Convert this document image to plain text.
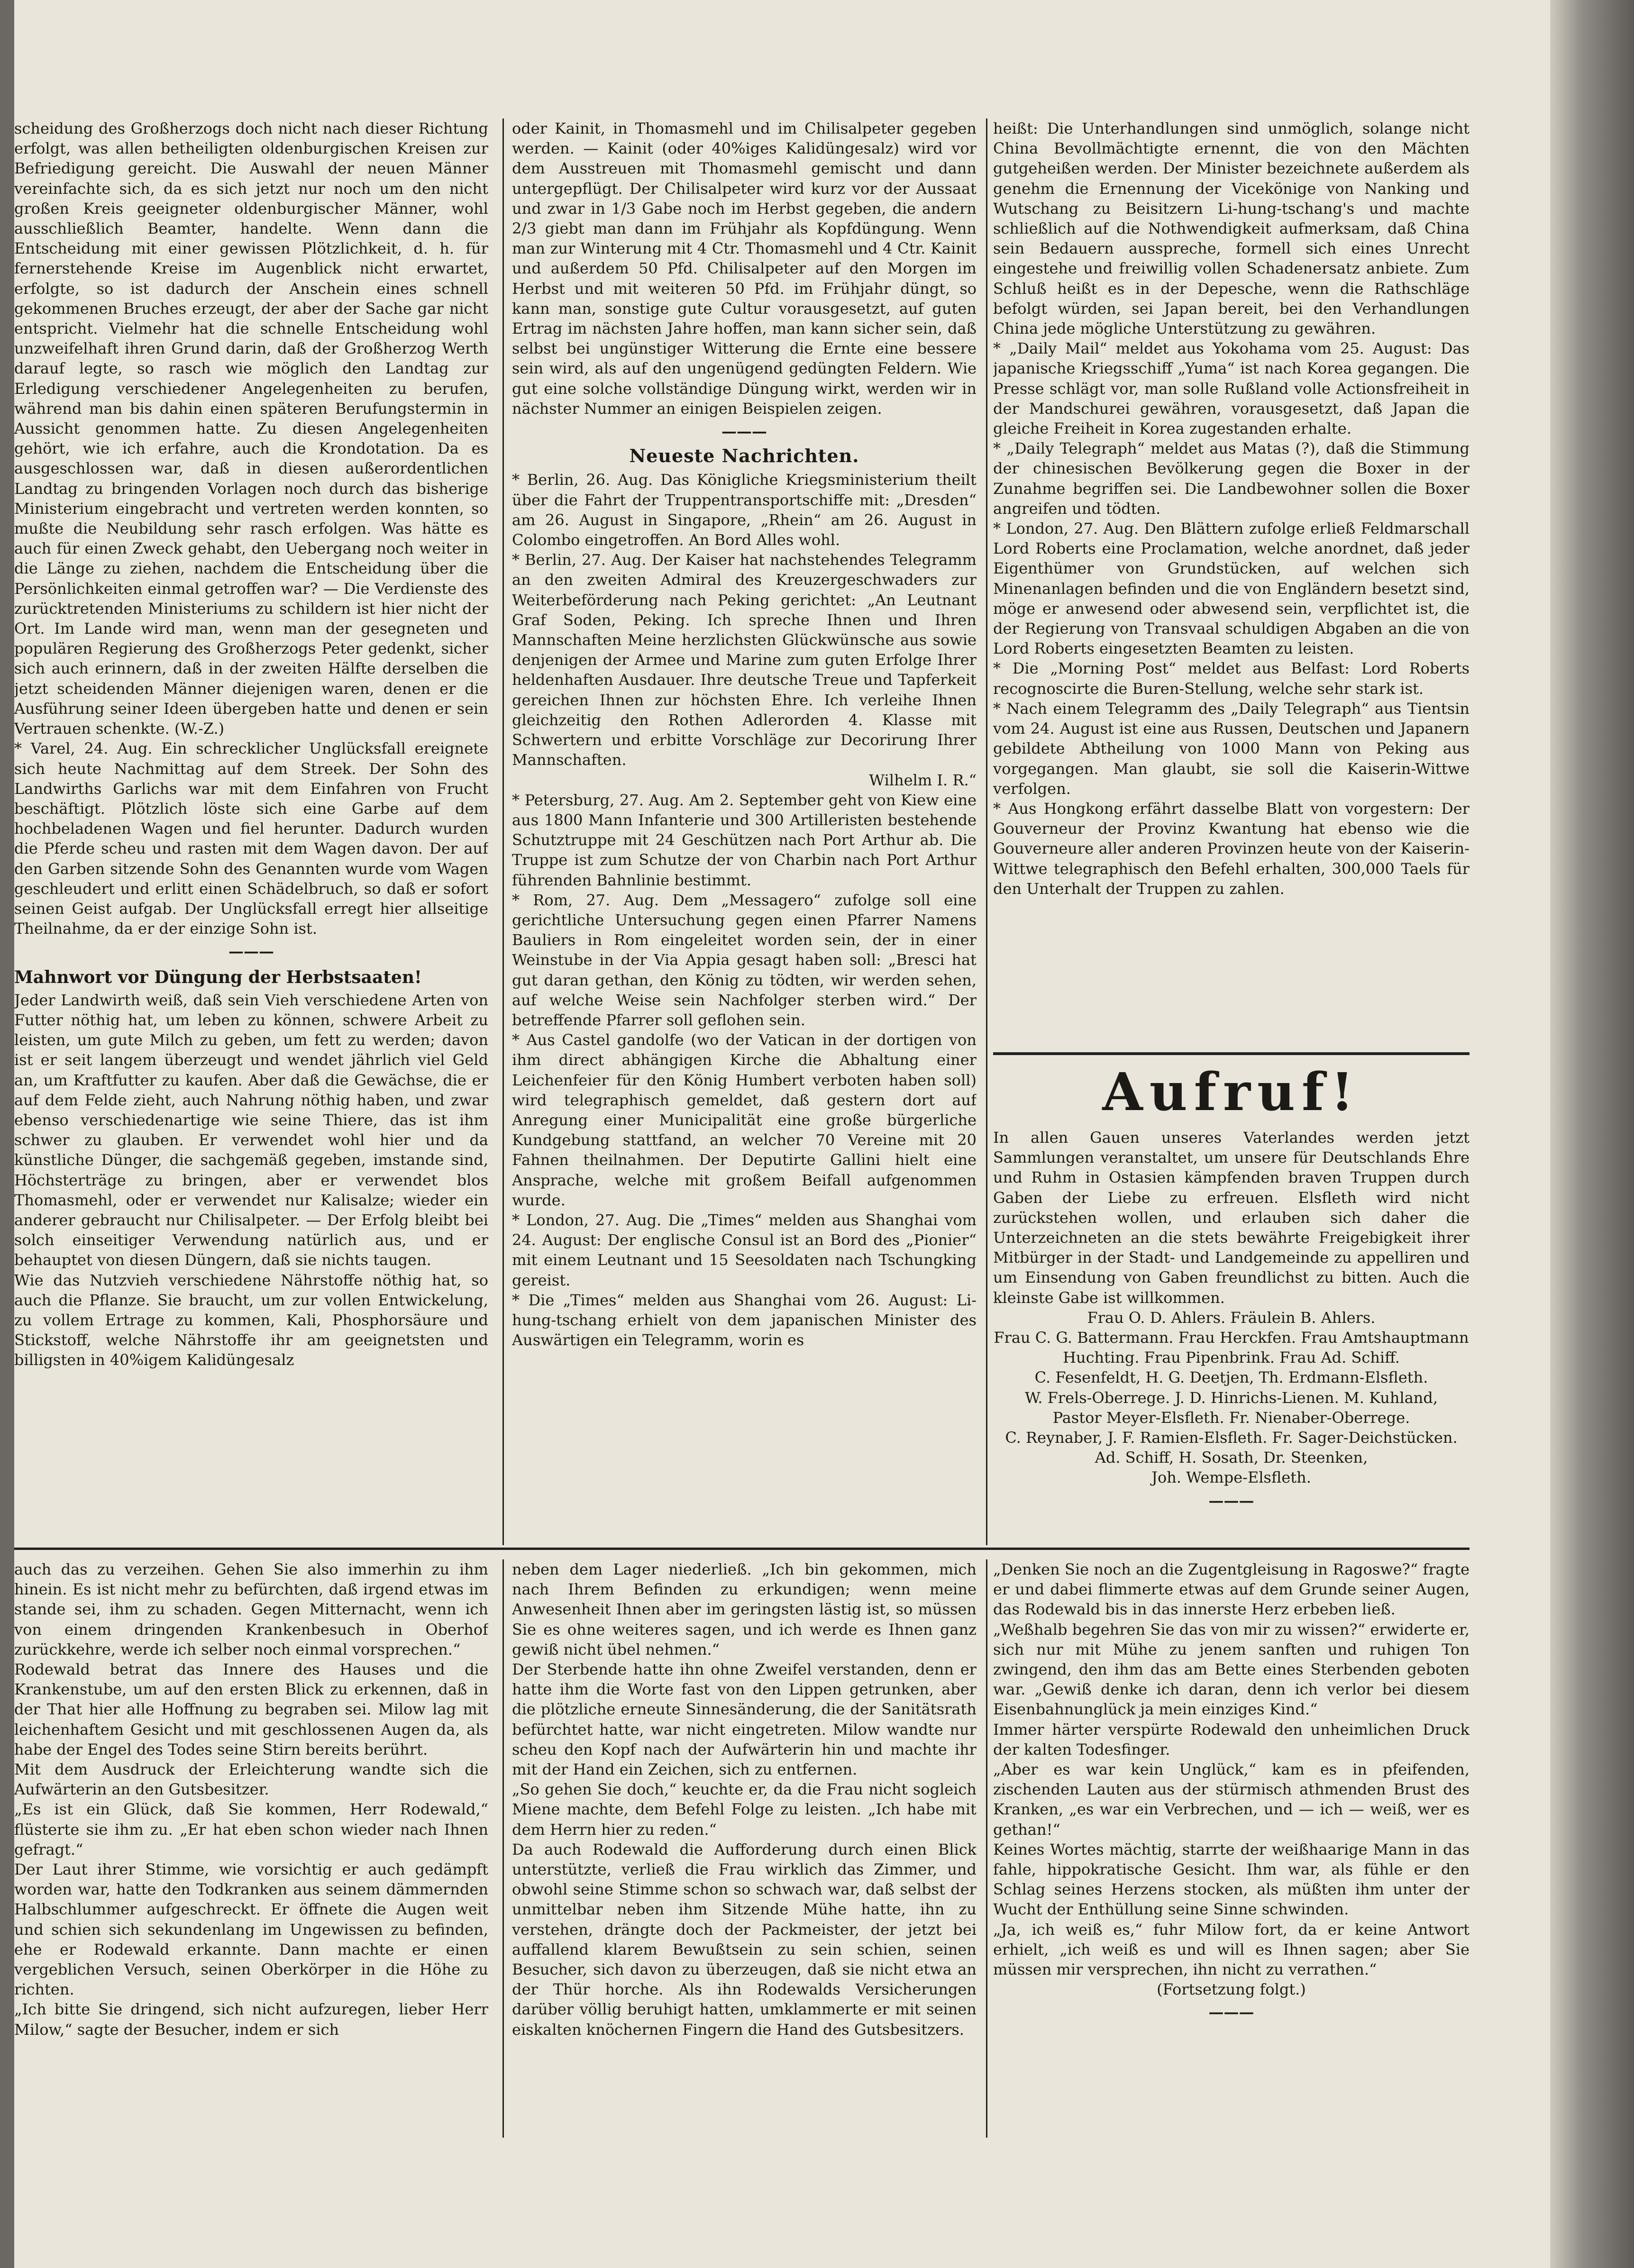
scheidung des Großherzogs doch nicht nach dieser Richtung erfolgt, was allen betheiligten oldenburgischen Kreisen zur Befriedigung gereicht. Die Auswahl der neuen Männer vereinfachte sich, da es sich jetzt nur noch um den nicht großen Kreis geeigneter oldenburgischer Männer, wohl ausschließlich Beamter, handelte. Wenn dann die Entscheidung mit einer gewissen Plötzlichkeit, d. h. für fernerstehende Kreise im Augenblick nicht erwartet, erfolgte, so ist dadurch der Anschein eines schnell gekommenen Bruches erzeugt, der aber der Sache gar nicht entspricht. Vielmehr hat die schnelle Entscheidung wohl unzweifelhaft ihren Grund darin, daß der Großherzog Werth darauf legte, so rasch wie möglich den Landtag zur Erledigung verschiedener Angelegenheiten zu berufen, während man bis dahin einen späteren Berufungstermin in Aussicht genommen hatte. Zu diesen Angelegenheiten gehört, wie ich erfahre, auch die Krondotation. Da es ausgeschlossen war, daß in diesen außerordentlichen Landtag zu bringenden Vorlagen noch durch das bisherige Ministerium eingebracht und vertreten werden konnten, so mußte die Neubildung sehr rasch erfolgen. Was hätte es auch für einen Zweck gehabt, den Uebergang noch weiter in die Länge zu ziehen, nachdem die Entscheidung über die Persönlichkeiten einmal getroffen war? — Die Verdienste des zurücktretenden Ministeriums zu schildern ist hier nicht der Ort. Im Lande wird man, wenn man der gesegneten und populären Regierung des Großherzogs Peter gedenkt, sicher sich auch erinnern, daß in der zweiten Hälfte derselben die jetzt scheidenden Männer diejenigen waren, denen er die Ausführung seiner Ideen übergeben hatte und denen er sein Vertrauen schenkte. (W.-Z.)

* Varel, 24. Aug. Ein schrecklicher Unglücksfall ereignete sich heute Nachmittag auf dem Streek. Der Sohn des Landwirths Garlichs war mit dem Einfahren von Frucht beschäftigt. Plötzlich löste sich eine Garbe auf dem hochbeladenen Wagen und fiel herunter. Dadurch wurden die Pferde scheu und rasten mit dem Wagen davon. Der auf den Garben sitzende Sohn des Genannten wurde vom Wagen geschleudert und erlitt einen Schädelbruch, so daß er sofort seinen Geist aufgab. Der Unglücksfall erregt hier allseitige Theilnahme, da er der einzige Sohn ist.

———
Mahnwort vor Düngung der Herbstsaaten!

Jeder Landwirth weiß, daß sein Vieh verschiedene Arten von Futter nöthig hat, um leben zu können, schwere Arbeit zu leisten, um gute Milch zu geben, um fett zu werden; davon ist er seit langem überzeugt und wendet jährlich viel Geld an, um Kraftfutter zu kaufen. Aber daß die Gewächse, die er auf dem Felde zieht, auch Nahrung nöthig haben, und zwar ebenso verschiedenartige wie seine Thiere, das ist ihm schwer zu glauben. Er verwendet wohl hier und da künstliche Dünger, die sachgemäß gegeben, imstande sind, Höchsterträge zu bringen, aber er verwendet blos Thomasmehl, oder er verwendet nur Kalisalze; wieder ein anderer gebraucht nur Chilisalpeter. — Der Erfolg bleibt bei solch einseitiger Verwendung natürlich aus, und er behauptet von diesen Düngern, daß sie nichts taugen.

Wie das Nutzvieh verschiedene Nährstoffe nöthig hat, so auch die Pflanze. Sie braucht, um zur vollen Entwickelung, zu vollem Ertrage zu kommen, Kali, Phosphorsäure und Stickstoff, welche Nährstoffe ihr am geeignetsten und billigsten in 40%igem Kalidüngesalz

oder Kainit, in Thomasmehl und im Chilisalpeter gegeben werden. — Kainit (oder 40%iges Kalidüngesalz) wird vor dem Ausstreuen mit Thomasmehl gemischt und dann untergepflügt. Der Chilisalpeter wird kurz vor der Aussaat und zwar in 1/3 Gabe noch im Herbst gegeben, die andern 2/3 giebt man dann im Frühjahr als Kopfdüngung. Wenn man zur Winterung mit 4 Ctr. Thomasmehl und 4 Ctr. Kainit und außerdem 50 Pfd. Chilisalpeter auf den Morgen im Herbst und mit weiteren 50 Pfd. im Frühjahr düngt, so kann man, sonstige gute Cultur vorausgesetzt, auf guten Ertrag im nächsten Jahre hoffen, man kann sicher sein, daß selbst bei ungünstiger Witterung die Ernte eine bessere sein wird, als auf den ungenügend gedüngten Feldern. Wie gut eine solche vollständige Düngung wirkt, werden wir in nächster Nummer an einigen Beispielen zeigen.

———
Neueste Nachrichten.

* Berlin, 26. Aug. Das Königliche Kriegsministerium theilt über die Fahrt der Truppentransportschiffe mit: „Dresden“ am 26. August in Singapore, „Rhein“ am 26. August in Colombo eingetroffen. An Bord Alles wohl.

* Berlin, 27. Aug. Der Kaiser hat nachstehendes Telegramm an den zweiten Admiral des Kreuzergeschwaders zur Weiterbeförderung nach Peking gerichtet: „An Leutnant Graf Soden, Peking. Ich spreche Ihnen und Ihren Mannschaften Meine herzlichsten Glückwünsche aus sowie denjenigen der Armee und Marine zum guten Erfolge Ihrer heldenhaften Ausdauer. Ihre deutsche Treue und Tapferkeit gereichen Ihnen zur höchsten Ehre. Ich verleihe Ihnen gleichzeitig den Rothen Adlerorden 4. Klasse mit Schwertern und erbitte Vorschläge zur Decorirung Ihrer Mannschaften.

Wilhelm I. R.“

* Petersburg, 27. Aug. Am 2. September geht von Kiew eine aus 1800 Mann Infanterie und 300 Artilleristen bestehende Schutztruppe mit 24 Geschützen nach Port Arthur ab. Die Truppe ist zum Schutze der von Charbin nach Port Arthur führenden Bahnlinie bestimmt.

* Rom, 27. Aug. Dem „Messagero“ zufolge soll eine gerichtliche Untersuchung gegen einen Pfarrer Namens Bauliers in Rom eingeleitet worden sein, der in einer Weinstube in der Via Appia gesagt haben soll: „Bresci hat gut daran gethan, den König zu tödten, wir werden sehen, auf welche Weise sein Nachfolger sterben wird.“ Der betreffende Pfarrer soll geflohen sein.

* Aus Castel gandolfe (wo der Vatican in der dortigen von ihm direct abhängigen Kirche die Abhaltung einer Leichenfeier für den König Humbert verboten haben soll) wird telegraphisch gemeldet, daß gestern dort auf Anregung einer Municipalität eine große bürgerliche Kundgebung stattfand, an welcher 70 Vereine mit 20 Fahnen theilnahmen. Der Deputirte Gallini hielt eine Ansprache, welche mit großem Beifall aufgenommen wurde.

* London, 27. Aug. Die „Times“ melden aus Shanghai vom 24. August: Der englische Consul ist an Bord des „Pionier“ mit einem Leutnant und 15 Seesoldaten nach Tschungking gereist.

* Die „Times“ melden aus Shanghai vom 26. August: Li-hung-tschang erhielt von dem japanischen Minister des Auswärtigen ein Telegramm, worin es

heißt: Die Unterhandlungen sind unmöglich, solange nicht China Bevollmächtigte ernennt, die von den Mächten gutgeheißen werden. Der Minister bezeichnete außerdem als genehm die Ernennung der Vicekönige von Nanking und Wutschang zu Beisitzern Li-hung-tschang's und machte schließlich auf die Nothwendigkeit aufmerksam, daß China sein Bedauern ausspreche, formell sich eines Unrecht eingestehe und freiwillig vollen Schadenersatz anbiete. Zum Schluß heißt es in der Depesche, wenn die Rathschläge befolgt würden, sei Japan bereit, bei den Verhandlungen China jede mögliche Unterstützung zu gewähren.

* „Daily Mail“ meldet aus Yokohama vom 25. August: Das japanische Kriegsschiff „Yuma“ ist nach Korea gegangen. Die Presse schlägt vor, man solle Rußland volle Actionsfreiheit in der Mandschurei gewähren, vorausgesetzt, daß Japan die gleiche Freiheit in Korea zugestanden erhalte.

* „Daily Telegraph“ meldet aus Matas (?), daß die Stimmung der chinesischen Bevölkerung gegen die Boxer in der Zunahme begriffen sei. Die Landbewohner sollen die Boxer angreifen und tödten.

* London, 27. Aug. Den Blättern zufolge erließ Feldmarschall Lord Roberts eine Proclamation, welche anordnet, daß jeder Eigenthümer von Grundstücken, auf welchen sich Minenanlagen befinden und die von Engländern besetzt sind, möge er anwesend oder abwesend sein, verpflichtet ist, die der Regierung von Transvaal schuldigen Abgaben an die von Lord Roberts eingesetzten Beamten zu leisten.

* Die „Morning Post“ meldet aus Belfast: Lord Roberts recognoscirte die Buren-Stellung, welche sehr stark ist.

* Nach einem Telegramm des „Daily Telegraph“ aus Tientsin vom 24. August ist eine aus Russen, Deutschen und Japanern gebildete Abtheilung von 1000 Mann von Peking aus vorgegangen. Man glaubt, sie soll die Kaiserin-Wittwe verfolgen.

* Aus Hongkong erfährt dasselbe Blatt von vorgestern: Der Gouverneur der Provinz Kwantung hat ebenso wie die Gouverneure aller anderen Provinzen heute von der Kaiserin-Wittwe telegraphisch den Befehl erhalten, 300,000 Taels für den Unterhalt der Truppen zu zahlen.

Aufruf!

In allen Gauen unseres Vaterlandes werden jetzt Sammlungen veranstaltet, um unsere für Deutschlands Ehre und Ruhm in Ostasien kämpfenden braven Truppen durch Gaben der Liebe zu erfreuen. Elsfleth wird nicht zurückstehen wollen, und erlauben sich daher die Unterzeichneten an die stets bewährte Freigebigkeit ihrer Mitbürger in der Stadt- und Landgemeinde zu appelliren und um Einsendung von Gaben freundlichst zu bitten. Auch die kleinste Gabe ist willkommen.

Frau O. D. Ahlers. Fräulein B. Ahlers.

Frau C. G. Battermann. Frau Herckfen. Frau Amtshauptmann Huchting. Frau Pipenbrink. Frau Ad. Schiff.

C. Fesenfeldt, H. G. Deetjen, Th. Erdmann-Elsfleth.

W. Frels-Oberrege. J. D. Hinrichs-Lienen. M. Kuhland,

Pastor Meyer-Elsfleth. Fr. Nienaber-Oberrege.

C. Reynaber, J. F. Ramien-Elsfleth. Fr. Sager-Deichstücken. Ad. Schiff, H. Sosath, Dr. Steenken,

Joh. Wempe-Elsfleth.

———

auch das zu verzeihen. Gehen Sie also immerhin zu ihm hinein. Es ist nicht mehr zu befürchten, daß irgend etwas im stande sei, ihm zu schaden. Gegen Mitternacht, wenn ich von einem dringenden Krankenbesuch in Oberhof zurückkehre, werde ich selber noch einmal vorsprechen.“

Rodewald betrat das Innere des Hauses und die Krankenstube, um auf den ersten Blick zu erkennen, daß in der That hier alle Hoffnung zu begraben sei. Milow lag mit leichenhaftem Gesicht und mit geschlossenen Augen da, als habe der Engel des Todes seine Stirn bereits berührt.

Mit dem Ausdruck der Erleichterung wandte sich die Aufwärterin an den Gutsbesitzer.

„Es ist ein Glück, daß Sie kommen, Herr Rodewald,“ flüsterte sie ihm zu. „Er hat eben schon wieder nach Ihnen gefragt.“

Der Laut ihrer Stimme, wie vorsichtig er auch gedämpft worden war, hatte den Todkranken aus seinem dämmernden Halbschlummer aufgeschreckt. Er öffnete die Augen weit und schien sich sekundenlang im Ungewissen zu befinden, ehe er Rodewald erkannte. Dann machte er einen vergeblichen Versuch, seinen Oberkörper in die Höhe zu richten.

„Ich bitte Sie dringend, sich nicht aufzuregen, lieber Herr Milow,“ sagte der Besucher, indem er sich

neben dem Lager niederließ. „Ich bin gekommen, mich nach Ihrem Befinden zu erkundigen; wenn meine Anwesenheit Ihnen aber im geringsten lästig ist, so müssen Sie es ohne weiteres sagen, und ich werde es Ihnen ganz gewiß nicht übel nehmen.“

Der Sterbende hatte ihn ohne Zweifel verstanden, denn er hatte ihm die Worte fast von den Lippen getrunken, aber die plötzliche erneute Sinnesänderung, die der Sanitätsrath befürchtet hatte, war nicht eingetreten. Milow wandte nur scheu den Kopf nach der Aufwärterin hin und machte ihr mit der Hand ein Zeichen, sich zu entfernen.

„So gehen Sie doch,“ keuchte er, da die Frau nicht sogleich Miene machte, dem Befehl Folge zu leisten. „Ich habe mit dem Herrn hier zu reden.“

Da auch Rodewald die Aufforderung durch einen Blick unterstützte, verließ die Frau wirklich das Zimmer, und obwohl seine Stimme schon so schwach war, daß selbst der unmittelbar neben ihm Sitzende Mühe hatte, ihn zu verstehen, drängte doch der Packmeister, der jetzt bei auffallend klarem Bewußtsein zu sein schien, seinen Besucher, sich davon zu überzeugen, daß sie nicht etwa an der Thür horche. Als ihn Rodewalds Versicherungen darüber völlig beruhigt hatten, umklammerte er mit seinen eiskalten knöchernen Fingern die Hand des Gutsbesitzers.

„Denken Sie noch an die Zugentgleisung in Ragoswe?“ fragte er und dabei flimmerte etwas auf dem Grunde seiner Augen, das Rodewald bis in das innerste Herz erbeben ließ.

„Weßhalb begehren Sie das von mir zu wissen?“ erwiderte er, sich nur mit Mühe zu jenem sanften und ruhigen Ton zwingend, den ihm das am Bette eines Sterbenden geboten war. „Gewiß denke ich daran, denn ich verlor bei diesem Eisenbahnunglück ja mein einziges Kind.“

Immer härter verspürte Rodewald den unheimlichen Druck der kalten Todesfinger.

„Aber es war kein Unglück,“ kam es in pfeifenden, zischenden Lauten aus der stürmisch athmenden Brust des Kranken, „es war ein Verbrechen, und — ich — weiß, wer es gethan!“

Keines Wortes mächtig, starrte der weißhaarige Mann in das fahle, hippokratische Gesicht. Ihm war, als fühle er den Schlag seines Herzens stocken, als müßten ihm unter der Wucht der Enthüllung seine Sinne schwinden.

„Ja, ich weiß es,“ fuhr Milow fort, da er keine Antwort erhielt, „ich weiß es und will es Ihnen sagen; aber Sie müssen mir versprechen, ihn nicht zu verrathen.“

(Fortsetzung folgt.)

———
